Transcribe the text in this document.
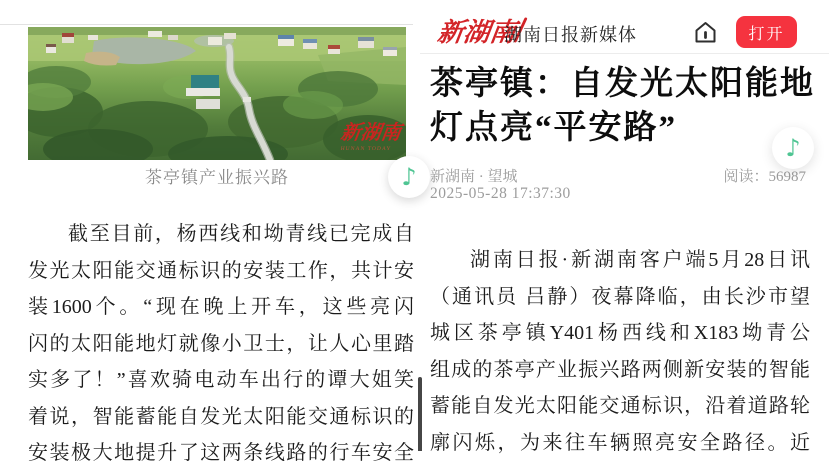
新湖南
HUNAN TODAY
茶亭镇产业振兴路	♪
截至目前，杨西线和坳青线已完成自
发光太阳能交通标识的安装工作，共计安
装1600个。“现在晚上开车，这些亮闪
闪的太阳能地灯就像小卫士，让人心里踏
实多了！”喜欢骑电动车出行的谭大姐笑
着说，智能蓄能自发光太阳能交通标识的
安装极大地提升了这两条线路的行车安全
新湖南
湖南日报新媒体	打开
茶亭镇：自发光太阳能地
灯点亮“平安路”
新湖南 · 望城	阅读：56987
2025-05-28 17:37:30
♪
湖南日报·新湖南客户端5月28日讯
（通讯员 吕静）夜幕降临，由长沙市望
城区茶亭镇Y401杨西线和X183坳青公
组成的茶亭产业振兴路两侧新安装的智能
蓄能自发光太阳能交通标识，沿着道路轮
廓闪烁，为来往车辆照亮安全路径。近
